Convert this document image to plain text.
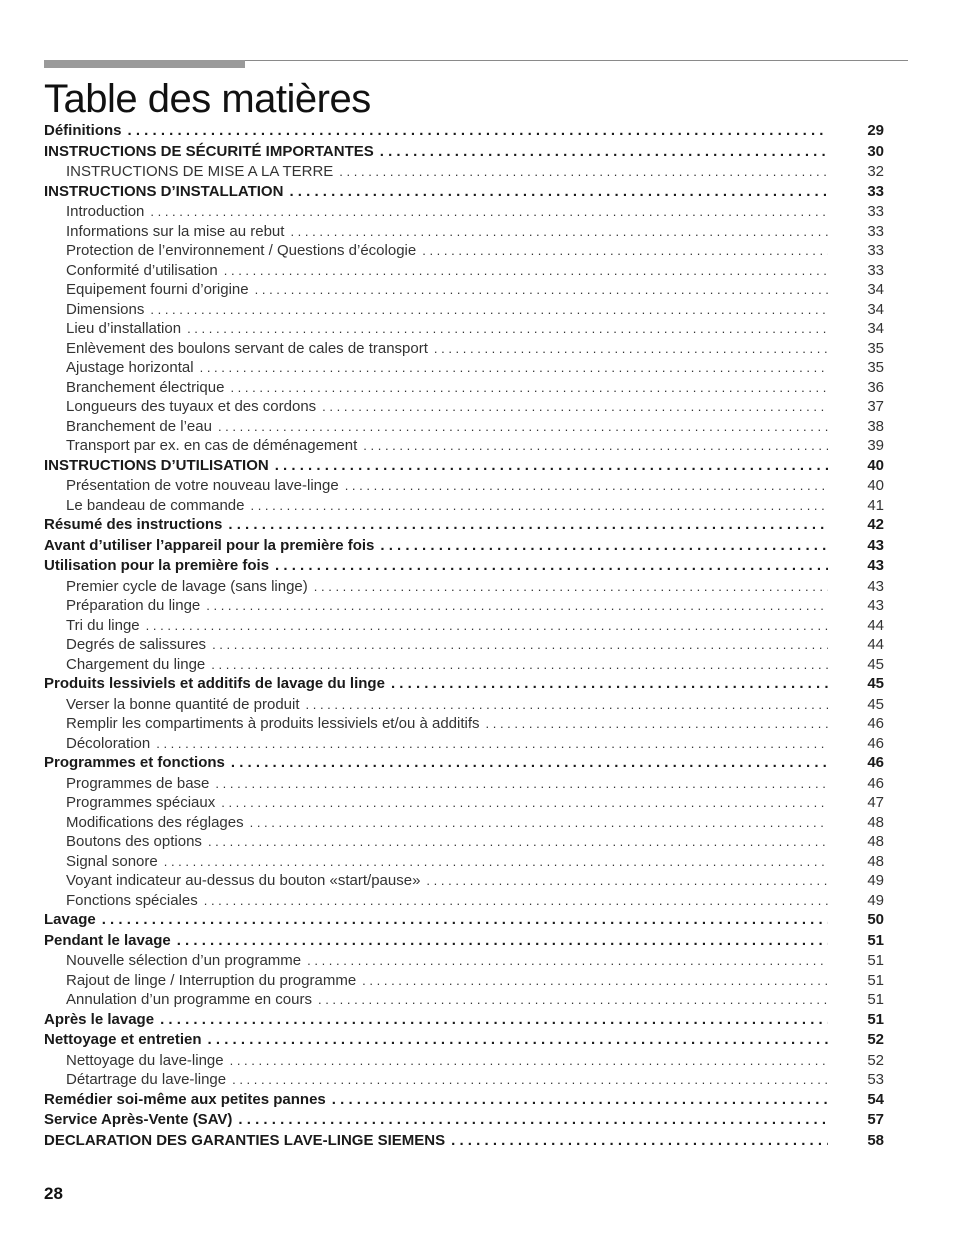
Table des matières
Définitions . . .	29
INSTRUCTIONS DE SÉCURITÉ IMPORTANTES . . .	30
INSTRUCTIONS DE MISE A LA TERRE . . .	32
INSTRUCTIONS D’INSTALLATION . . .	33
Introduction . . .	33
Informations sur la mise au rebut . . .	33
Protection de l’environnement / Questions d’écologie . . .	33
Conformité d’utilisation . . .	33
Equipement fourni d’origine . . .	34
Dimensions . . .	34
Lieu d’installation . . .	34
Enlèvement des boulons servant de cales de transport . . .	35
Ajustage horizontal . . .	35
Branchement électrique . . .	36
Longueurs des tuyaux et des cordons . . .	37
Branchement de l’eau . . .	38
Transport par ex. en cas de déménagement . . .	39
INSTRUCTIONS D’UTILISATION . . .	40
Présentation de votre nouveau lave-linge . . .	40
Le bandeau de commande . . .	41
Résumé des instructions . . .	42
Avant d’utiliser l’appareil pour la première fois . . .	43
Utilisation pour la première fois . . .	43
Premier cycle de lavage (sans linge) . . .	43
Préparation du linge . . .	43
Tri du linge . . .	44
Degrés de salissures . . .	44
Chargement du linge . . .	45
Produits lessiviels et additifs de lavage du linge . . .	45
Verser la bonne quantité de produit . . .	45
Remplir les compartiments à produits lessiviels et/ou à additifs . . .	46
Décoloration . . .	46
Programmes et fonctions . . .	46
Programmes de base . . .	46
Programmes spéciaux . . .	47
Modifications des réglages . . .	48
Boutons des options . . .	48
Signal sonore . . .	48
Voyant indicateur au-dessus du bouton «start/pause» . . .	49
Fonctions spéciales . . .	49
Lavage . . .	50
Pendant le lavage . . .	51
Nouvelle sélection d’un programme . . .	51
Rajout de linge / Interruption du programme . . .	51
Annulation d’un programme en cours . . .	51
Après le lavage . . .	51
Nettoyage et entretien . . .	52
Nettoyage du lave-linge . . .	52
Détartrage du lave-linge . . .	53
Remédier soi-même aux petites pannes . . .	54
Service Après-Vente (SAV) . . .	57
DECLARATION DES GARANTIES LAVE-LINGE SIEMENS . . .	58
28
